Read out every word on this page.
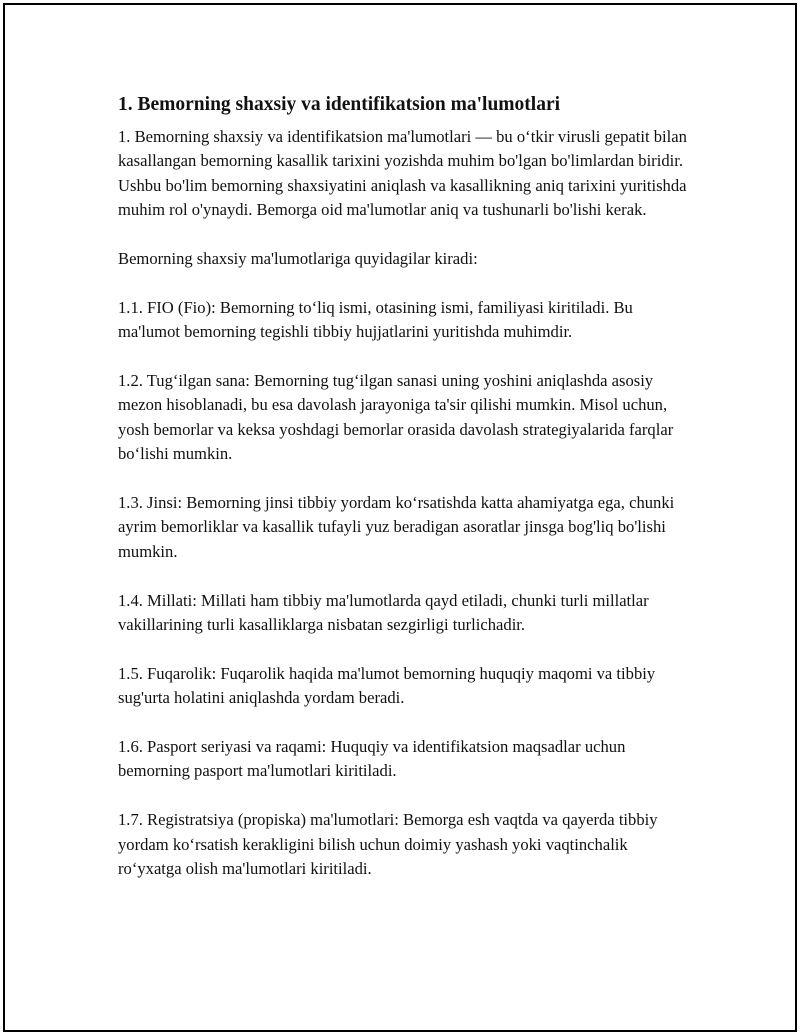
1. Bemorning shaxsiy va identifikatsion ma'lumotlari

1. Bemorning shaxsiy va identifikatsion ma'lumotlari — bu o‘tkir virusli gepatit bilan kasallangan bemorning kasallik tarixini yozishda muhim bo'lgan bo'limlardan biridir. Ushbu bo'lim bemorning shaxsiyatini aniqlash va kasallikning aniq tarixini yuritishda muhim rol o'ynaydi. Bemorga oid ma'lumotlar aniq va tushunarli bo'lishi kerak.

Bemorning shaxsiy ma'lumotlariga quyidagilar kiradi:

1.1. FIO (Fio): Bemorning to‘liq ismi, otasining ismi, familiyasi kiritiladi. Bu ma'lumot bemorning tegishli tibbiy hujjatlarini yuritishda muhimdir.

1.2. Tug‘ilgan sana: Bemorning tug‘ilgan sanasi uning yoshini aniqlashda asosiy mezon hisoblanadi, bu esa davolash jarayoniga ta'sir qilishi mumkin. Misol uchun, yosh bemorlar va keksa yoshdagi bemorlar orasida davolash strategiyalarida farqlar bo‘lishi mumkin.

1.3. Jinsi: Bemorning jinsi tibbiy yordam ko‘rsatishda katta ahamiyatga ega, chunki ayrim bemorliklar va kasallik tufayli yuz beradigan asoratlar jinsga bog'liq bo'lishi mumkin.

1.4. Millati: Millati ham tibbiy ma'lumotlarda qayd etiladi, chunki turli millatlar vakillarining turli kasalliklarga nisbatan sezgirligi turlichadir.

1.5. Fuqarolik: Fuqarolik haqida ma'lumot bemorning huquqiy maqomi va tibbiy sug'urta holatini aniqlashda yordam beradi.

1.6. Pasport seriyasi va raqami: Huquqiy va identifikatsion maqsadlar uchun bemorning pasport ma'lumotlari kiritiladi.

1.7. Registratsiya (propiska) ma'lumotlari: Bemorga esh vaqtda va qayerda tibbiy yordam ko‘rsatish kerakligini bilish uchun doimiy yashash yoki vaqtinchalik ro‘yxatga olish ma'lumotlari kiritiladi.
